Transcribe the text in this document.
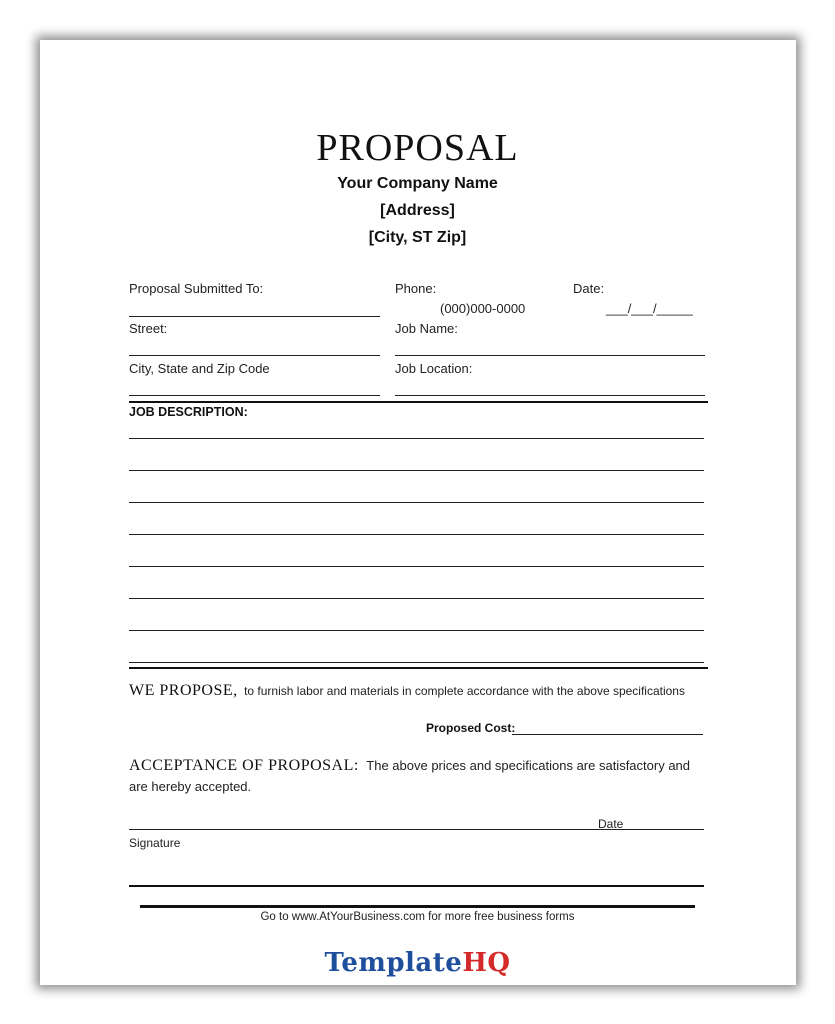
PROPOSAL
Your Company Name
[Address]
[City, ST Zip]
Proposal Submitted To:	Phone:	Date:
(000)000-0000	___/___/_____
Street:	Job Name:
City, State and Zip Code	Job Location:
JOB DESCRIPTION:
WE PROPOSE, to furnish labor and materials in complete accordance with the above specifications
Proposed Cost:
ACCEPTANCE OF PROPOSAL: The above prices and specifications are satisfactory and
are hereby accepted.
Date
Signature
Go to www.AtYourBusiness.com for more free business forms
TemplateHQ
